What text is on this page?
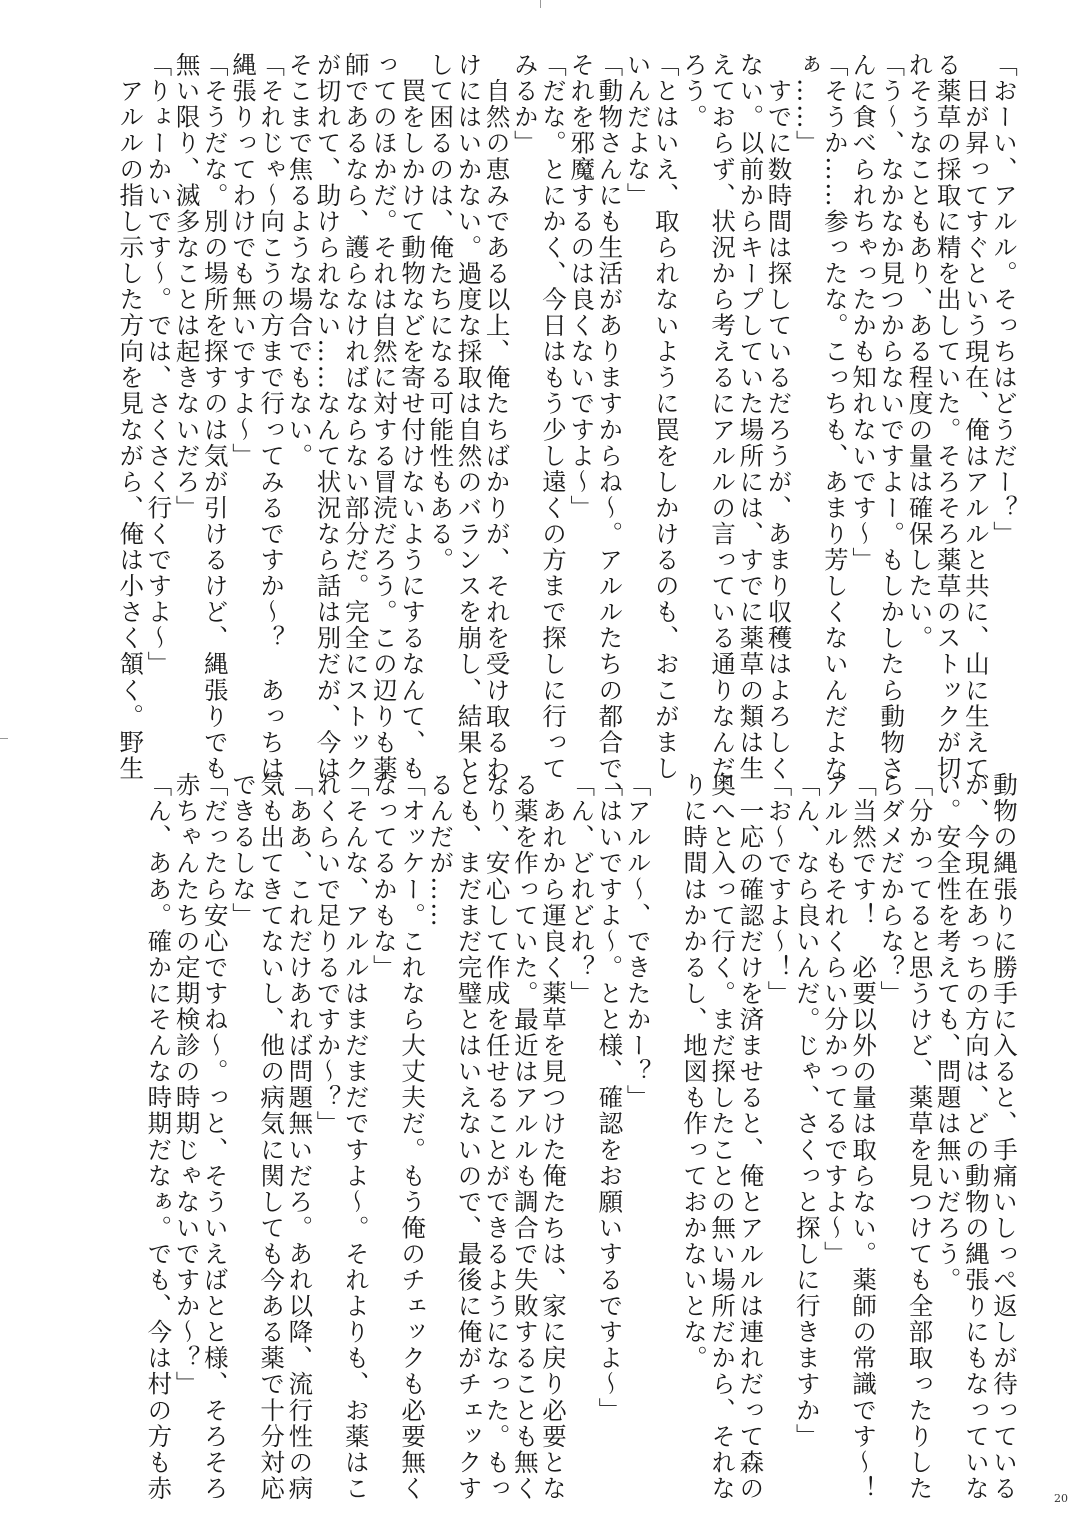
「おーい、アルル。そっちはどうだー？」
　日が昇ってすぐという現在、俺はアルルと共に、山に生えて
る薬草の採取に精を出していた。そろそろ薬草のストックが切
れそうなこともあり、ある程度の量は確保したい。
「う〜、なかなか見つからないですよー。もしかしたら動物さ
んに食べられちゃったかも知れないです〜」
「そうか……参ったな。こっちも、あまり芳しくないんだよな
ぁ……」
　すでに数時間は探しているだろうが、あまり収穫はよろしく
ない。以前からキープしていた場所には、すでに薬草の類は生
えておらず、状況から考えるにアルルの言っている通りなんだ
ろう。
「とはいえ、取られないように罠をしかけるのも、おこがまし
いんだよな」
「動物さんにも生活がありますからね〜。アルルたちの都合で、
それを邪魔するのは良くないですよ〜」
「だな。とにかく、今日はもう少し遠くの方まで探しに行って
みるか」
　自然の恵みである以上、俺たちばかりが、それを受け取るわ
けにはいかない。過度な採取は自然のバランスを崩し、結果と
して困るのは、俺たちになる可能性もある。
　罠をしかけて動物などを寄せ付けないようにするなんて、も
ってのほかだ。それは自然に対する冒涜だろう。この辺りも薬
師であるなら、護らなければならない部分だ。完全にストック
が切れて、助けられない……なんて状況なら話は別だが、今は
そこまで焦るような場合でもない。
「それじゃ〜向こうの方まで行ってみるですか〜？　あっちは
縄張りってわけでも無いですよ〜」
「そうだな。別の場所を探すのは気が引けるけど、縄張りでも
無い限り、滅多なことは起きないだろ」
「りょーかいです〜。では、さくさく行くですよ〜」
　アルルの指し示した方向を見ながら、俺は小さく頷く。野生
動物の縄張りに勝手に入ると、手痛いしっぺ返しが待っている
が、今現在あっちの方向は、どの動物の縄張りにもなっていな
い。安全性を考えても、問題は無いだろう。
「分かってると思うけど、薬草を見つけても全部取ったりした
らダメだからな？」
「当然です！　必要以外の量は取らない。薬師の常識です〜！
アルルもそれくらい分かってるですよ〜」
「ん、なら良いんだ。じゃ、さくっと探しに行きますか」
「お〜ですよ〜！」
　一応の確認だけを済ませると、俺とアルルは連れだって森の
奥へと入って行く。まだ探したことの無い場所だから、それな
りに時間はかかるし、地図も作っておかないとな。
「アルル〜、できたかー？」
「はいですよ〜。とと様、確認をお願いするですよ〜」
「ん、どれどれ？」
　あれから運良く薬草を見つけた俺たちは、家に戻り必要とな
る薬を作っていた。最近はアルルも調合で失敗することも無く
なり、安心して作成を任せることができるようになった。もっ
とも、まだまだ完璧とはいえないので、最後に俺がチェックす
るんだが……
「オッケー。これなら大丈夫だ。もう俺のチェックも必要無く
なってるかもな」
「そんな、アルルはまだまだですよ〜。それよりも、お薬はこ
れくらいで足りるですか〜？」
「ああ、これだけあれば問題無いだろ。あれ以降、流行性の病
気も出てきてないし、他の病気に関しても今ある薬で十分対応
できるしな」
「だったら安心ですね〜。っと、そういえばとと様、そろそろ
赤ちゃんたちの定期検診の時期じゃないですか〜？」
「ん、ああ。確かにそんな時期だなぁ。でも、今は村の方も赤	20
